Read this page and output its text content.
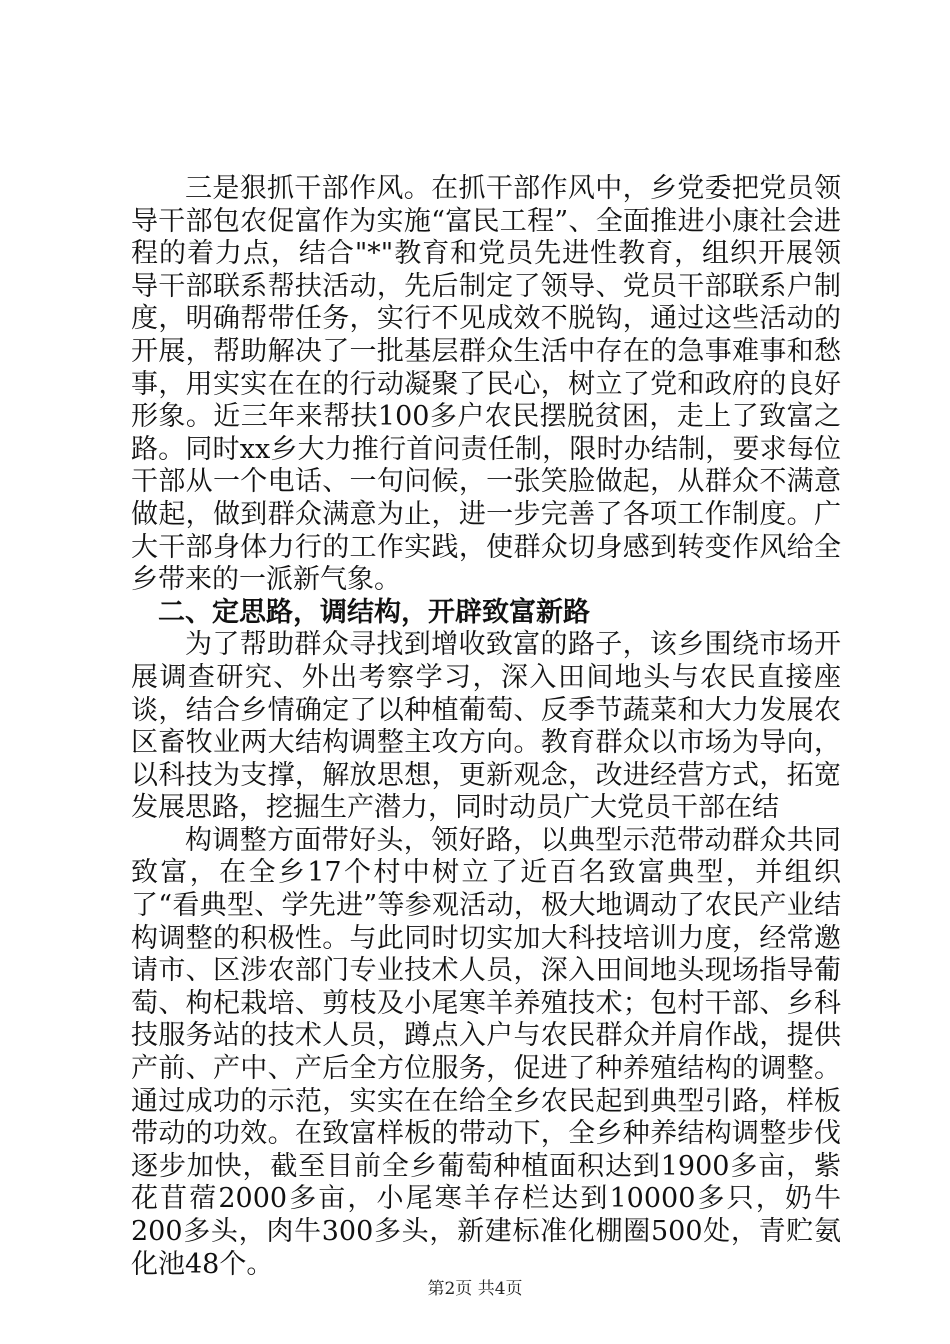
三是狠抓干部作风。在抓干部作风中，乡党委把党员领导干部包农促富作为实施“富民工程”、全面推进小康社会进程的着力点，结合"*"教育和党员先进性教育，组织开展领导干部联系帮扶活动，先后制定了领导、党员干部联系户制度，明确帮带任务，实行不见成效不脱钩，通过这些活动的开展，帮助解决了一批基层群众生活中存在的急事难事和愁事，用实实在在的行动凝聚了民心，树立了党和政府的良好形象。近三年来帮扶100多户农民摆脱贫困，走上了致富之路。同时xx乡大力推行首问责任制，限时办结制，要求每位干部从一个电话、一句问候，一张笑脸做起，从群众不满意做起，做到群众满意为止，进一步完善了各项工作制度。广大干部身体力行的工作实践，使群众切身感到转变作风给全乡带来的一派新气象。

二、定思路，调结构，开辟致富新路

为了帮助群众寻找到增收致富的路子，该乡围绕市场开展调查研究、外出考察学习，深入田间地头与农民直接座谈，结合乡情确定了以种植葡萄、反季节蔬菜和大力发展农区畜牧业两大结构调整主攻方向。教育群众以市场为导向，以科技为支撑，解放思想，更新观念，改进经营方式，拓宽发展思路，挖掘生产潜力，同时动员广大党员干部在结

构调整方面带好头，领好路，以典型示范带动群众共同致富，在全乡17个村中树立了近百名致富典型，并组织了“看典型、学先进”等参观活动，极大地调动了农民产业结构调整的积极性。与此同时切实加大科技培训力度，经常邀请市、区涉农部门专业技术人员，深入田间地头现场指导葡萄、枸杞栽培、剪枝及小尾寒羊养殖技术；包村干部、乡科技服务站的技术人员，蹲点入户与农民群众并肩作战，提供产前、产中、产后全方位服务，促进了种养殖结构的调整。通过成功的示范，实实在在给全乡农民起到典型引路，样板带动的功效。在致富样板的带动下，全乡种养结构调整步伐逐步加快，截至目前全乡葡萄种植面积达到1900多亩，紫花苜蓿2000多亩，小尾寒羊存栏达到10000多只，奶牛200多头，肉牛300多头，新建标准化棚圈500处，青贮氨化池48个。

第2页 共4页
